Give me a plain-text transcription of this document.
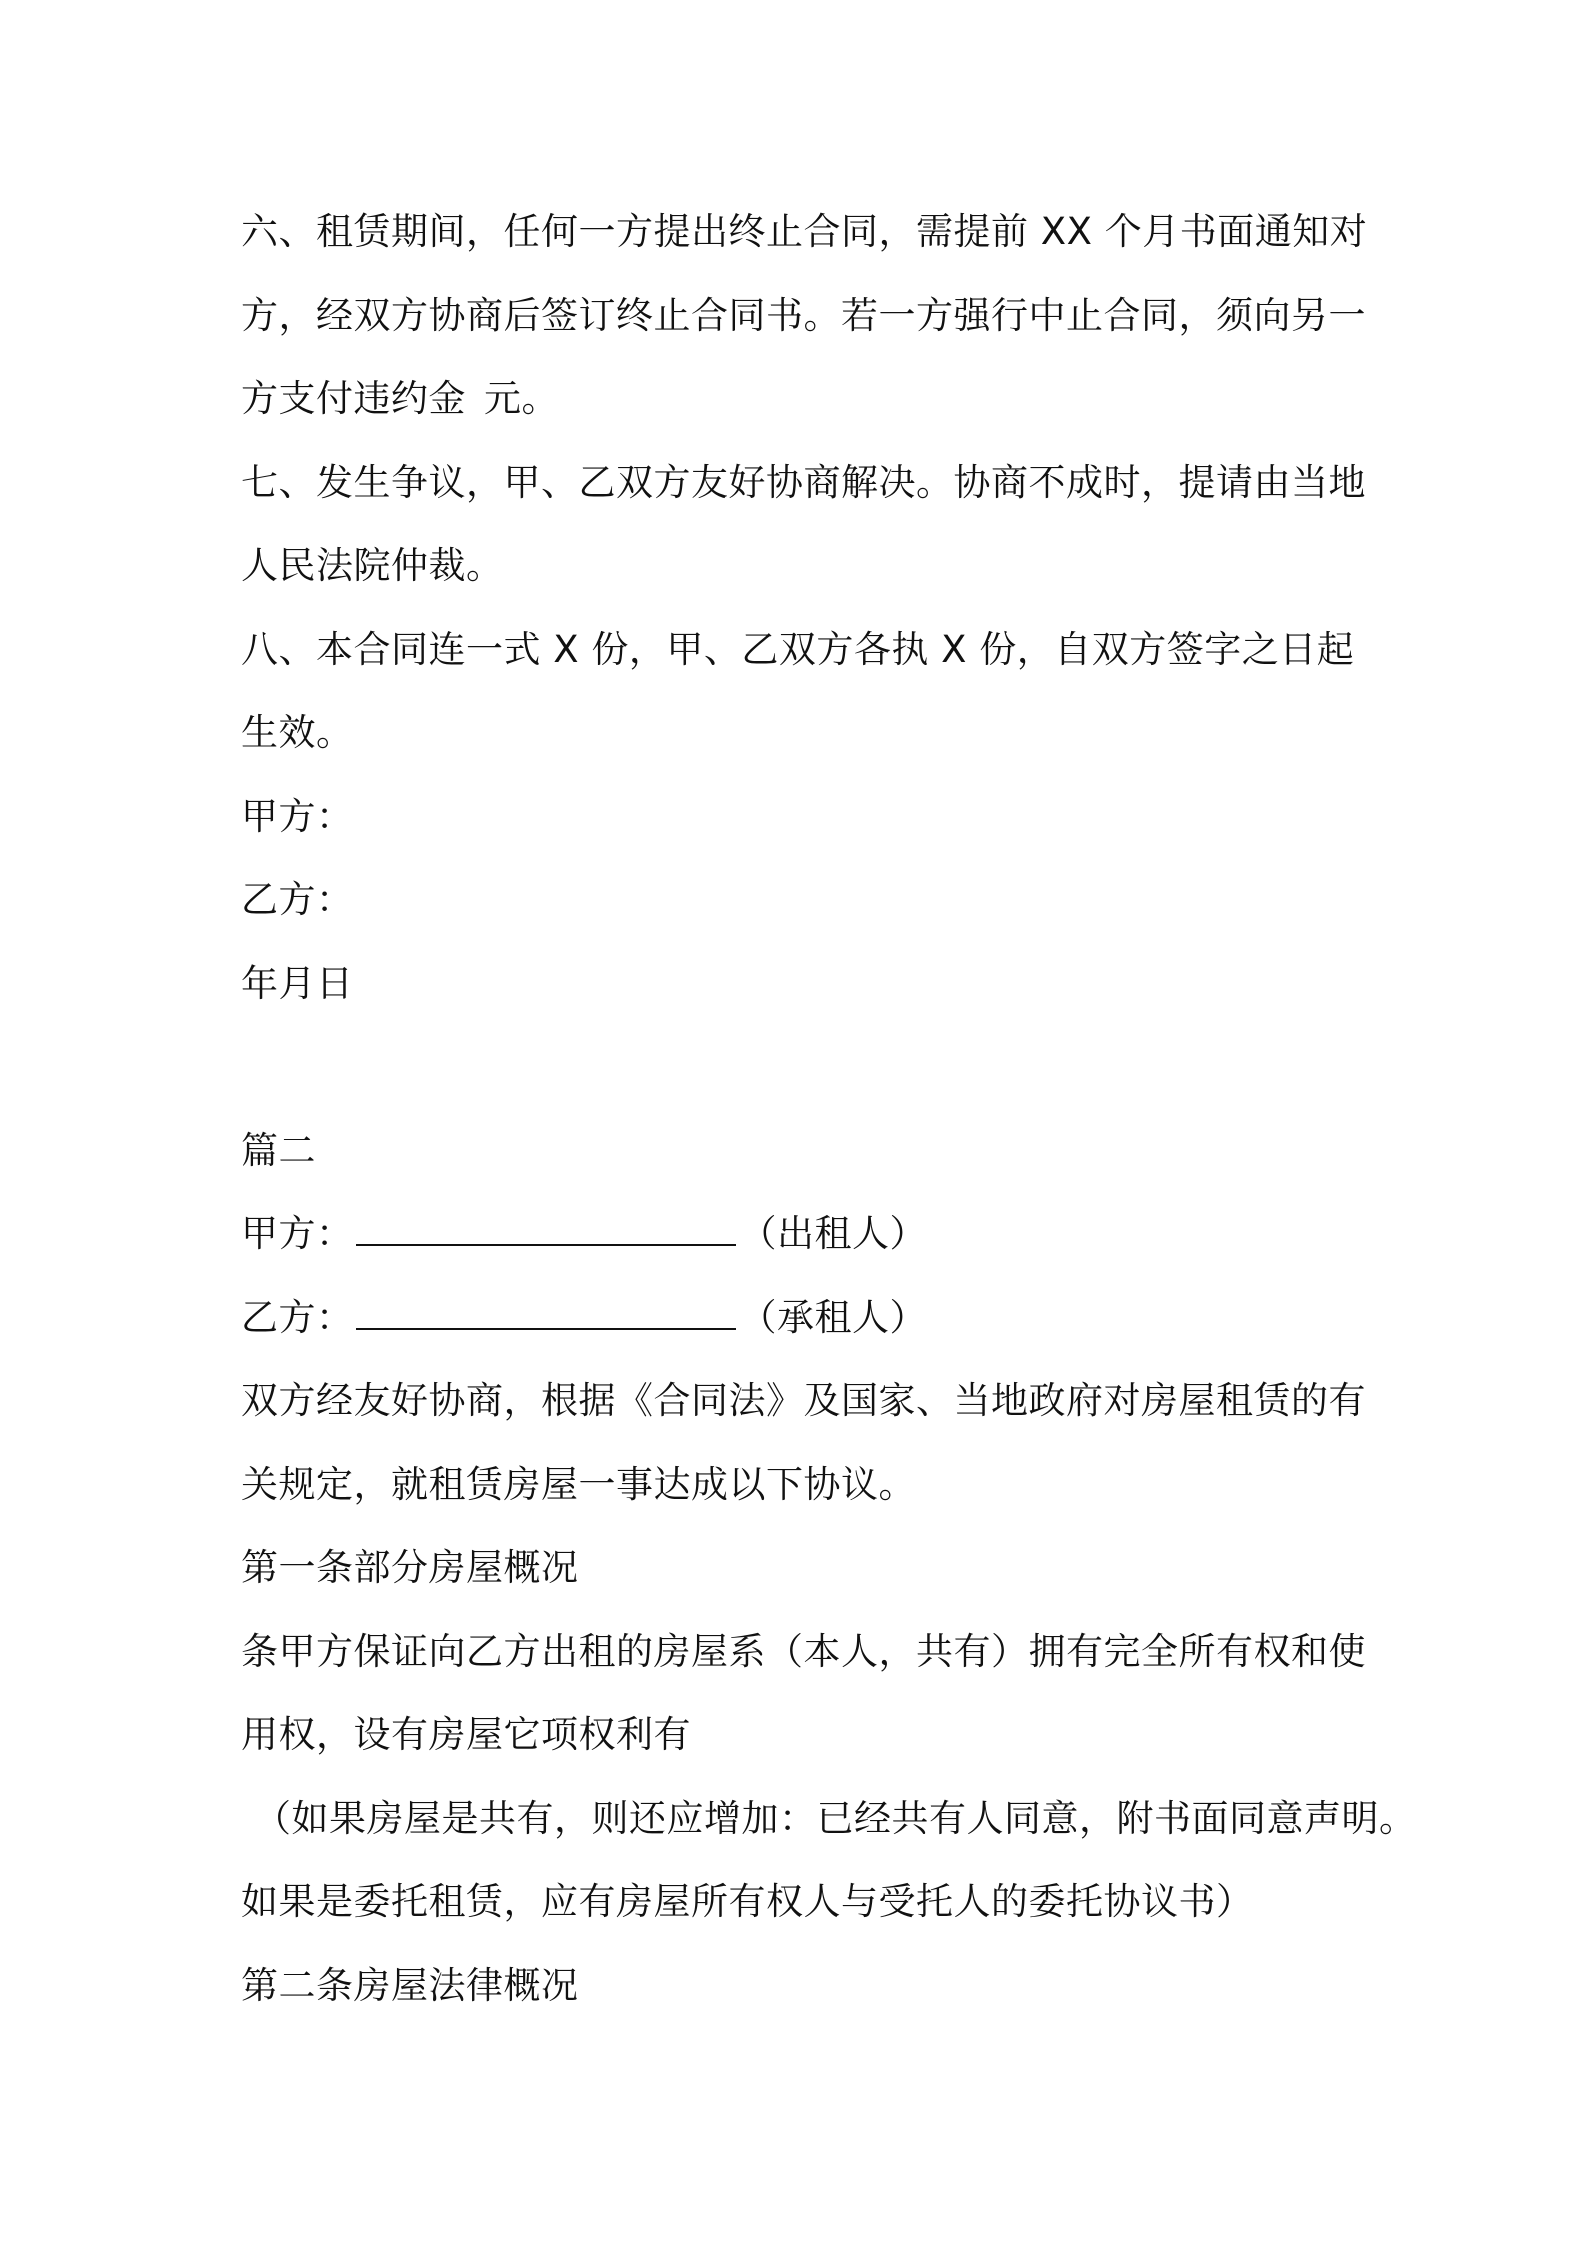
六、租赁期间，任何一方提出终止合同，需提前 XX 个月书面通知对
方，经双方协商后签订终止合同书。若一方强行中止合同，须向另一
方支付违约金 元。
七、发生争议，甲、乙双方友好协商解决。协商不成时，提请由当地
人民法院仲裁。
八、本合同连一式 X 份，甲、乙双方各执 X 份，自双方签字之日起
生效。
甲方：
乙方：
年月日
篇二
甲方：	（出租人）
乙方：	（承租人）
双方经友好协商，根据《合同法》及国家、当地政府对房屋租赁的有
关规定，就租赁房屋一事达成以下协议。
第一条部分房屋概况
条甲方保证向乙方出租的房屋系（本人，共有）拥有完全所有权和使
用权，设有房屋它项权利有
（如果房屋是共有，则还应增加：已经共有人同意，附书面同意声明。
如果是委托租赁，应有房屋所有权人与受托人的委托协议书）
第二条房屋法律概况
